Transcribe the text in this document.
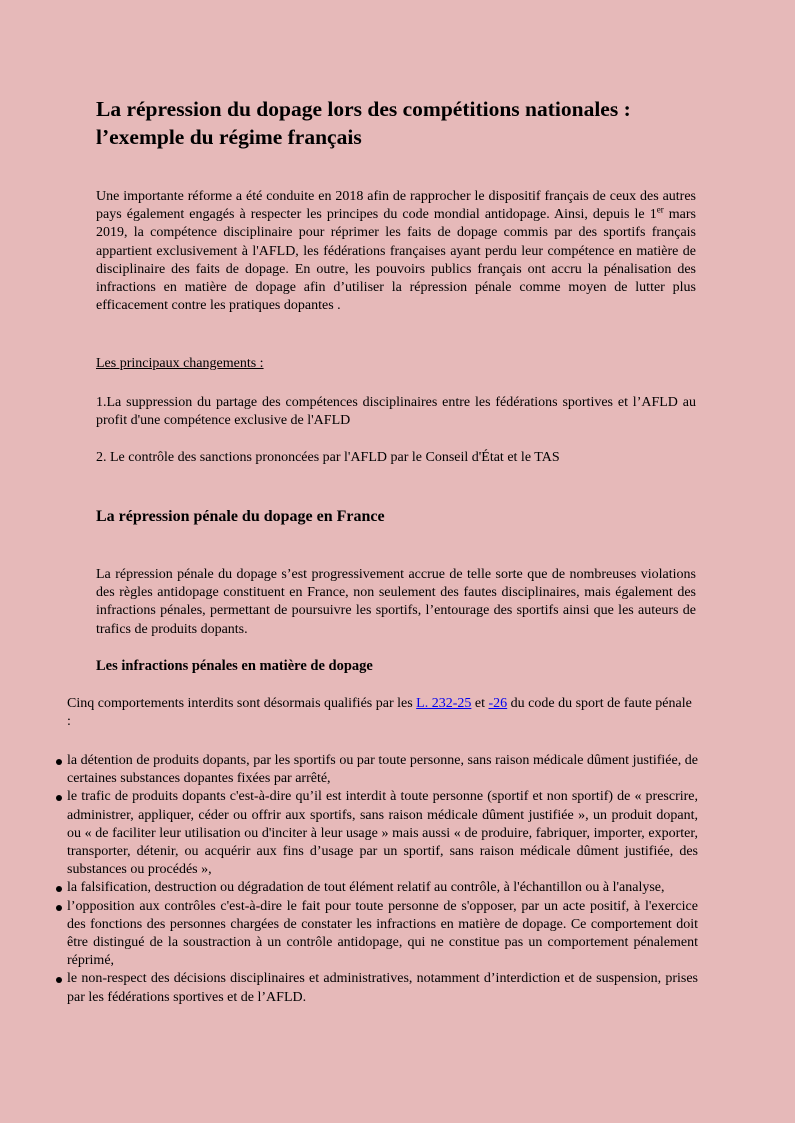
La répression du dopage lors des compétitions nationales :
l’exemple du régime français

Une importante réforme a été conduite en 2018 afin de rapprocher le dispositif français de ceux des autres pays également engagés à respecter les principes du code mondial antidopage. Ainsi, depuis le 1er mars 2019, la compétence disciplinaire pour réprimer les faits de dopage commis par des sportifs français appartient exclusivement à l'AFLD, les fédérations françaises ayant perdu leur compétence en matière de disciplinaire des faits de dopage. En outre, les pouvoirs publics français ont accru la pénalisation des infractions en matière de dopage afin d’utiliser la répression pénale comme moyen de lutter plus efficacement contre les pratiques dopantes .

Les principaux changements :

1.La suppression du partage des compétences disciplinaires entre les fédérations sportives et l’AFLD au profit d'une compétence exclusive de l'AFLD

2. Le contrôle des sanctions prononcées par l'AFLD par le Conseil d'État et le TAS

La répression pénale du dopage en France

La répression pénale du dopage s’est progressivement accrue de telle sorte que de nombreuses violations des règles antidopage constituent en France, non seulement des fautes disciplinaires, mais également des infractions pénales, permettant de poursuivre les sportifs, l’entourage des sportifs ainsi que les auteurs de trafics de produits dopants.

Les infractions pénales en matière de dopage

Cinq comportements interdits sont désormais qualifiés par les L. 232-25 et -26 du code du sport de faute pénale :

la détention de produits dopants, par les sportifs ou par toute personne, sans raison médicale dûment justifiée, de certaines substances dopantes fixées par arrêté,
le trafic de produits dopants c'est-à-dire qu’il est interdit à toute personne (sportif et non sportif) de « prescrire, administrer, appliquer, céder ou offrir aux sportifs, sans raison médicale dûment justifiée », un produit dopant, ou « de faciliter leur utilisation ou d'inciter à leur usage » mais aussi « de produire, fabriquer, importer, exporter, transporter, détenir, ou acquérir aux fins d’usage par un sportif, sans raison médicale dûment justifiée, des substances ou procédés »,
la falsification, destruction ou dégradation de tout élément relatif au contrôle, à l'échantillon ou à l'analyse,
l’opposition aux contrôles c'est-à-dire le fait pour toute personne de s'opposer, par un acte positif, à l'exercice des fonctions des personnes chargées de constater les infractions en matière de dopage. Ce comportement doit être distingué de la soustraction à un contrôle antidopage, qui ne constitue pas un comportement pénalement réprimé,
le non-respect des décisions disciplinaires et administratives, notamment d’interdiction et de suspension, prises par les fédérations sportives et de l’AFLD.
